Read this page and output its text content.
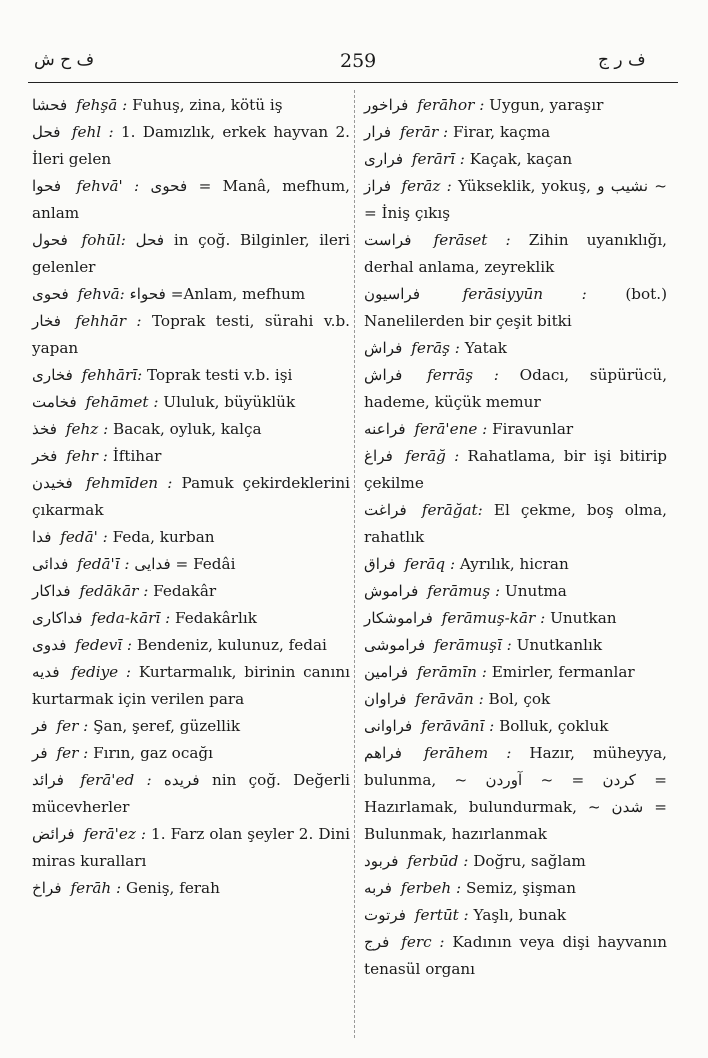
ف ح ش	259	ف ر ج
فحشا fehşā : Fuhuş, zina, kötü iş
فحل fehl : 1. Damızlık, erkek hayvan 2. İleri gelen
فحوا fehvā' : فحوى = Manâ, mefhum, anlam
فحول fohūl: فحل in çoğ. Bilginler, ileri gelenler
فحوى fehvā: فحواء =Anlam, mefhum
فخار fehhār : Toprak testi, sürahi v.b. yapan
فخارى fehhārī: Toprak testi v.b. işi
فخامت fehāmet : Ululuk, büyüklük
فخذ fehz : Bacak, oyluk, kalça
فخر fehr : İftihar
فخيدن fehmīden : Pamuk çekirdeklerini çıkarmak
فدا fedā' : Feda, kurban
فدائى fedā'ī : فدايى = Fedâi
فداكار fedākār : Fedakâr
فداكارى feda-kārī : Fedakârlık
فدوى fedevī : Bendeniz, kulunuz, fedai
فديه fediye : Kurtarmalık, birinin canını kurtarmak için verilen para
فر fer : Şan, şeref, güzellik
فر fer : Fırın, gaz ocağı
فرائد ferā'ed : فريده nin çoğ. Değerli mücevherler
فرائض ferā'ez : 1. Farz olan şeyler 2. Dini miras kuralları
فراخ ferāh : Geniş, ferah
فراخور ferāhor : Uygun, yaraşır
فرار ferār : Firar, kaçma
فرارى ferārī : Kaçak, kaçan
فراز ferāz : Yükseklik, yokuş, نشيب و ~ = İniş çıkış
فراست ferāset : Zihin uyanıklığı, derhal anlama, zeyreklik
فراسيون	ferāsiyyūn :	(bot.) Nanelilerden bir çeşit bitki
فراش ferāş : Yatak
فراش ferrāş : Odacı, süpürücü, hademe, küçük memur
فراعنه ferā'ene : Firavunlar
فراغ ferāğ : Rahatlama, bir işi bitirip çekilme
فراغت ferāğat: El çekme, boş olma, rahatlık
فراق ferāq : Ayrılık, hicran
فراموش ferāmuş : Unutma
فراموشكار ferāmuş-kār : Unutkan
فراموشى ferāmuşī : Unutkanlık
فرامين ferāmīn : Emirler, fermanlar
فراوان ferāvān : Bol, çok
فراوانى ferāvānī : Bolluk, çokluk
فراهم ferāhem : Hazır, müheyya, bulunma, ~ كردن = ~ آوردن = Hazırlamak, bulundurmak, ~ شدن = Bulunmak, hazırlanmak
فربود ferbūd : Doğru, sağlam
فربه ferbeh : Semiz, şişman
فرتوت fertūt : Yaşlı, bunak
فرج ferc : Kadının veya dişi hayvanın tenasül organı
